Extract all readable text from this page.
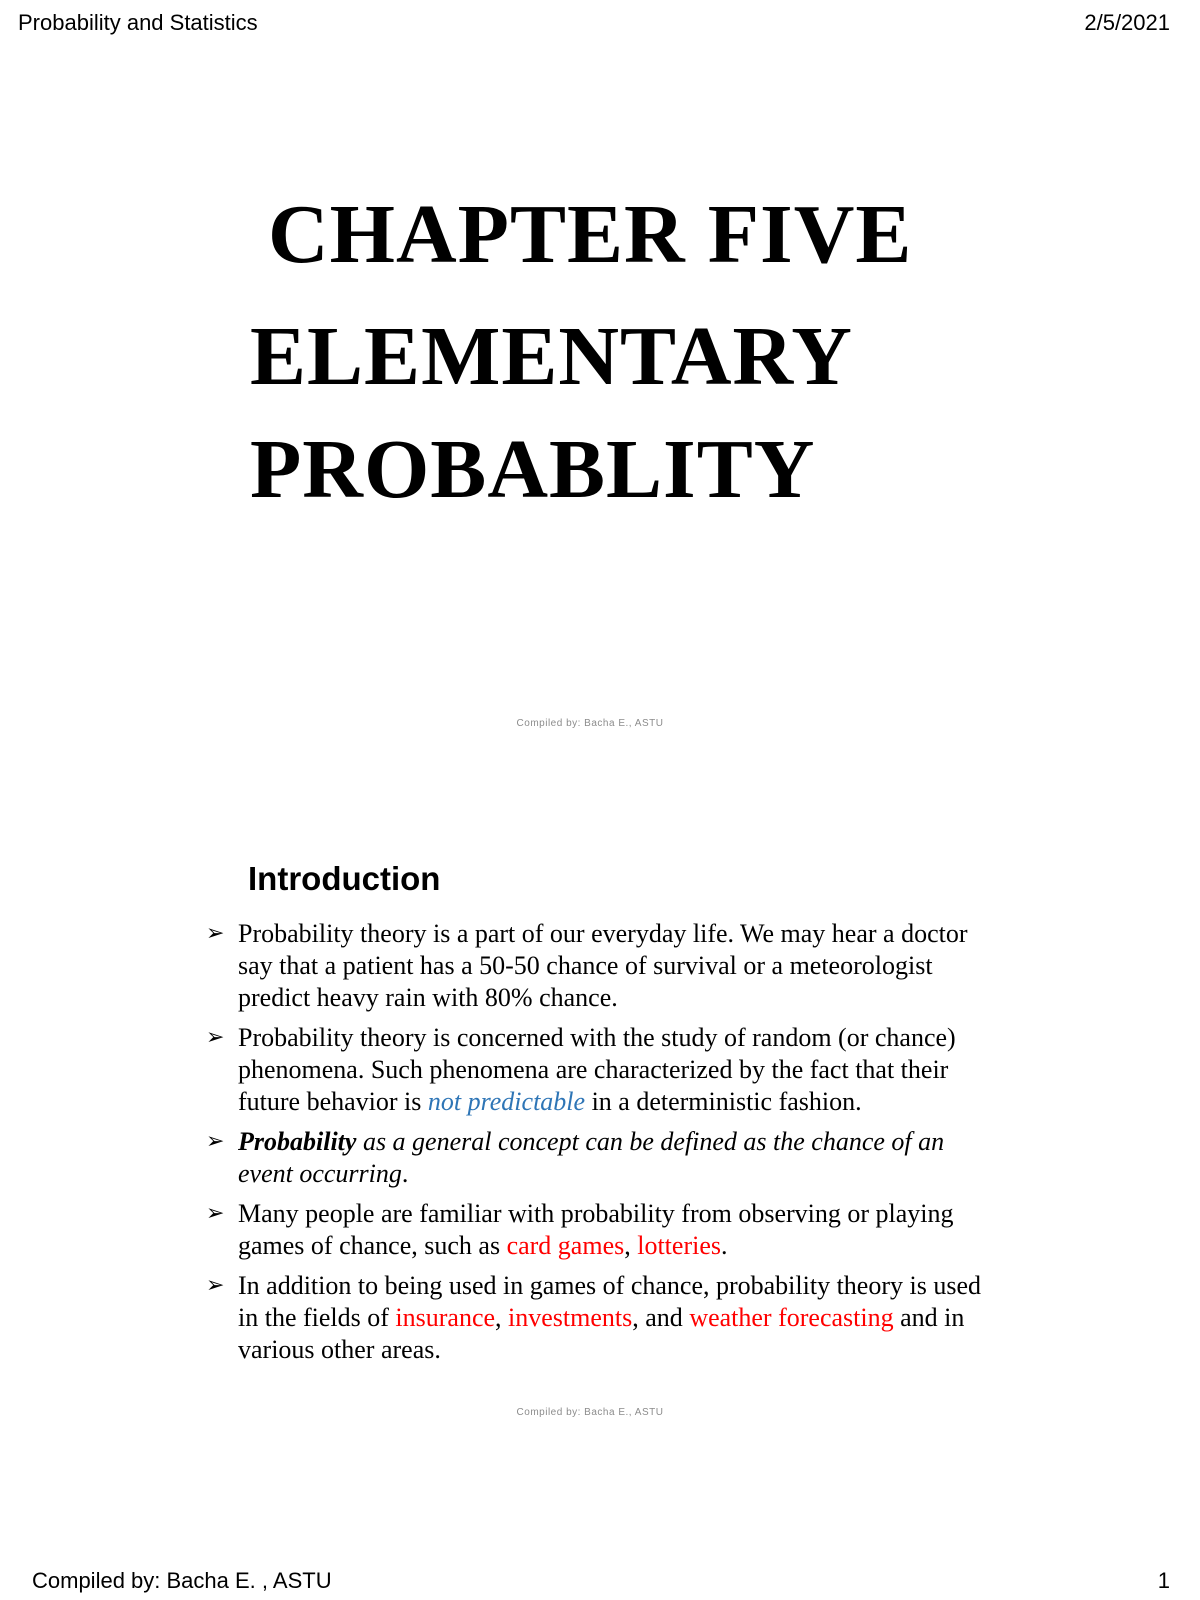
Probability and Statistics	2/5/2021
CHAPTER FIVE
ELEMENTARY
PROBABLITY
Compiled by: Bacha E., ASTU
Introduction
➢ Probability theory is a part of our everyday life. We may hear a doctor say that a patient has a 50-50 chance of survival or a meteorologist predict heavy rain with 80% chance.
➢ Probability theory is concerned with the study of random (or chance) phenomena. Such phenomena are characterized by the fact that their future behavior is not predictable in a deterministic fashion.
➢ Probability as a general concept can be defined as the chance of an event occurring.
➢ Many people are familiar with probability from observing or playing games of chance, such as card games, lotteries.
➢ In addition to being used in games of chance, probability theory is used in the fields of insurance, investments, and weather forecasting and in various other areas.
Compiled by: Bacha E., ASTU
Compiled by: Bacha E. , ASTU	1
